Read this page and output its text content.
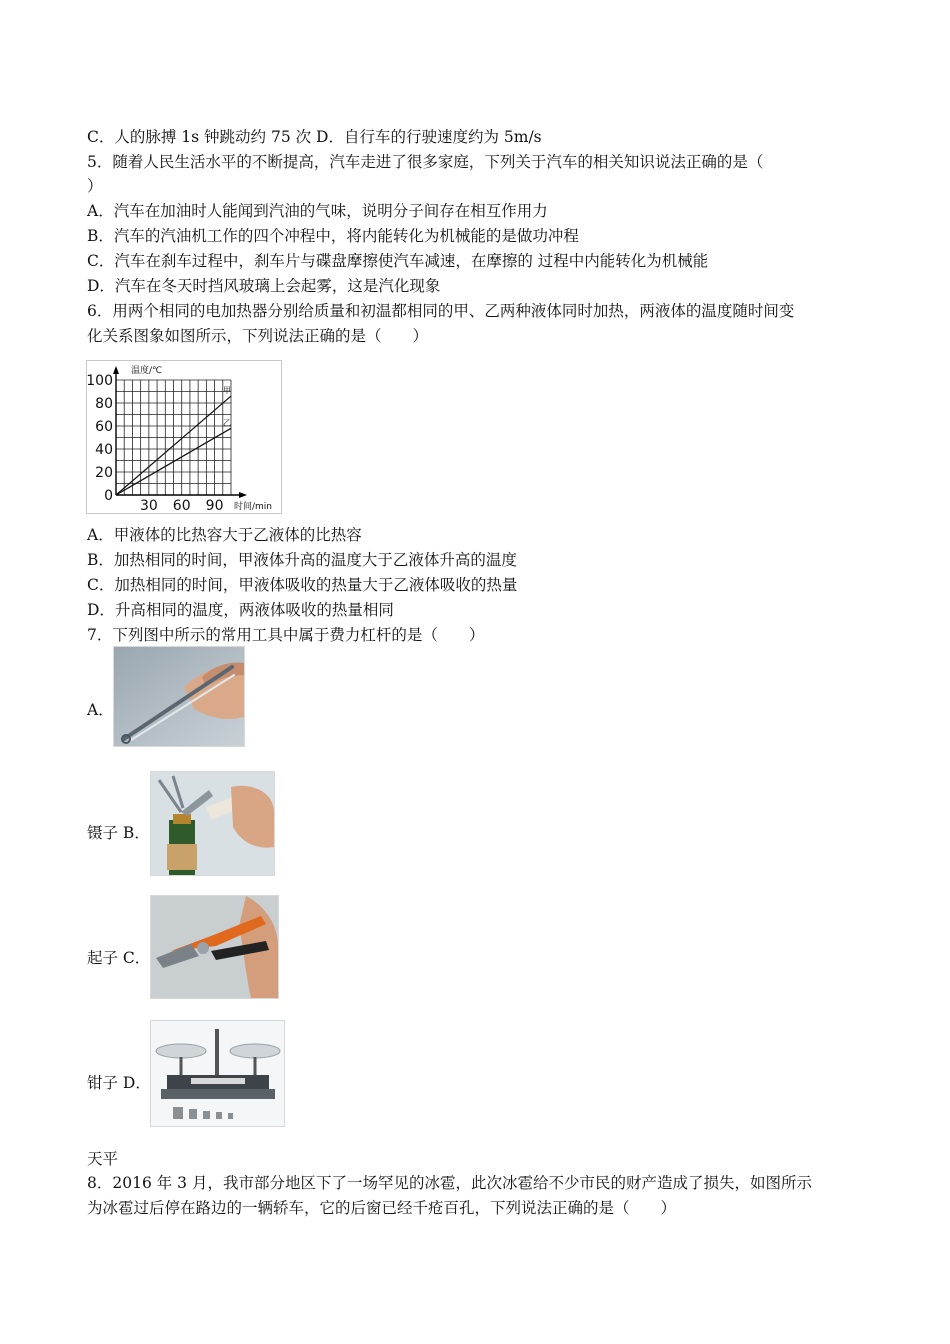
C．人的脉搏 1s 钟跳动约 75 次 D．自行车的行驶速度约为 5m/s
5．随着人民生活水平的不断提高，汽车走进了很多家庭，下列关于汽车的相关知识说法正确的是（
）
A．汽车在加油时人能闻到汽油的气味，说明分子间存在相互作用力
B．汽车的汽油机工作的四个冲程中，将内能转化为机械能的是做功冲程
C．汽车在刹车过程中，刹车片与碟盘摩擦使汽车减速，在摩擦的 过程中内能转化为机械能
D．汽车在冬天时挡风玻璃上会起雾，这是汽化现象
6．用两个相同的电加热器分别给质量和初温都相同的甲、乙两种液体同时加热，两液体的温度随时间变
化关系图象如图所示，下列说法正确的是（　　）
0
20
40
60
80
100
30 60 90
温度/℃
时间/min
甲
乙
A．甲液体的比热容大于乙液体的比热容
B．加热相同的时间，甲液体升高的温度大于乙液体升高的温度
C．加热相同的时间，甲液体吸收的热量大于乙液体吸收的热量
D．升高相同的温度，两液体吸收的热量相同
7．下列图中所示的常用工具中属于费力杠杆的是（　　）
A．
镊子 B．
起子 C．
钳子 D．
天平
8．2016 年 3 月，我市部分地区下了一场罕见的冰雹，此次冰雹给不少市民的财产造成了损失，如图所示
为冰雹过后停在路边的一辆轿车，它的后窗已经千疮百孔，下列说法正确的是（　　）
